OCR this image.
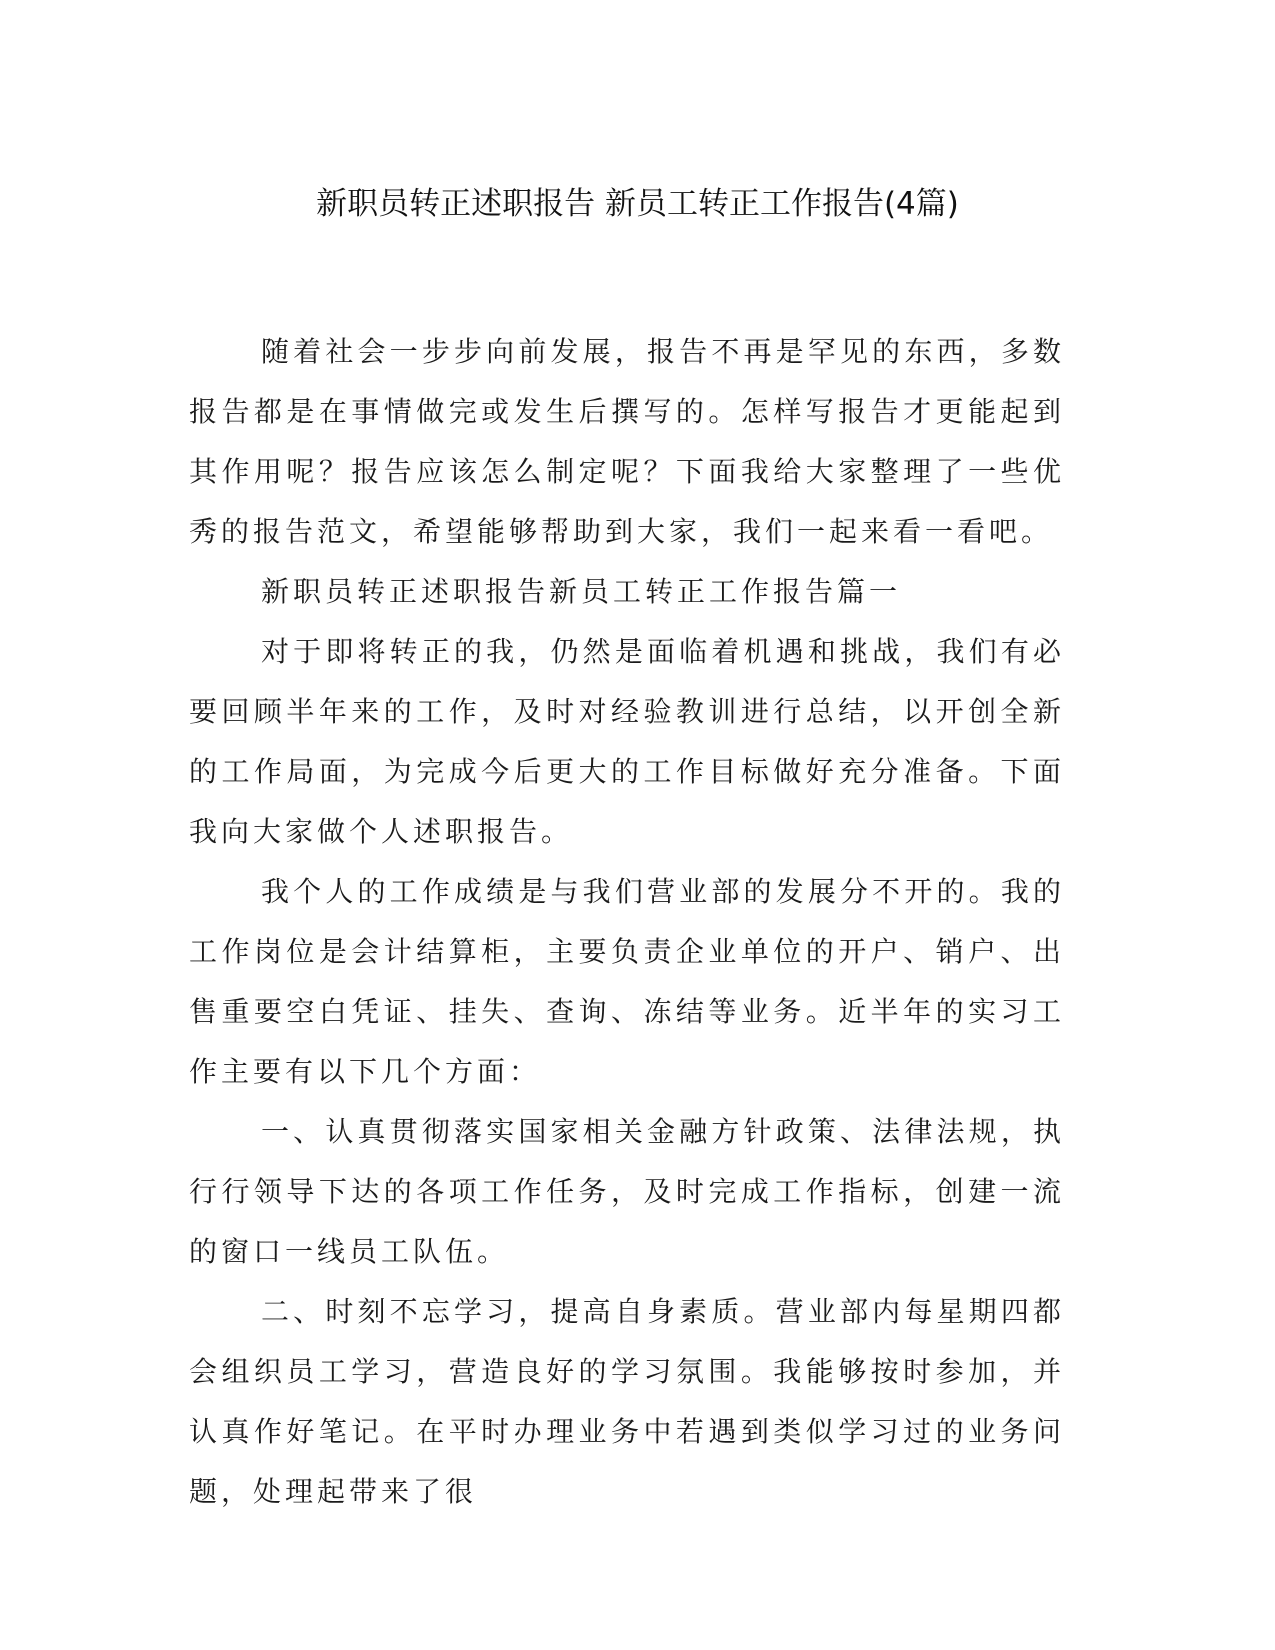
新职员转正述职报告 新员工转正工作报告(4篇)

随着社会一步步向前发展，报告不再是罕见的东西，多数报告都是在事情做完或发生后撰写的。怎样写报告才更能起到其作用呢？报告应该怎么制定呢？下面我给大家整理了一些优秀的报告范文，希望能够帮助到大家，我们一起来看一看吧。

新职员转正述职报告新员工转正工作报告篇一

对于即将转正的我，仍然是面临着机遇和挑战，我们有必要回顾半年来的工作，及时对经验教训进行总结，以开创全新的工作局面，为完成今后更大的工作目标做好充分准备。下面我向大家做个人述职报告。

我个人的工作成绩是与我们营业部的发展分不开的。我的工作岗位是会计结算柜，主要负责企业单位的开户、销户、出售重要空白凭证、挂失、查询、冻结等业务。近半年的实习工作主要有以下几个方面：

一、认真贯彻落实国家相关金融方针政策、法律法规，执行行领导下达的各项工作任务，及时完成工作指标，创建一流的窗口一线员工队伍。

二、时刻不忘学习，提高自身素质。营业部内每星期四都会组织员工学习，营造良好的学习氛围。我能够按时参加，并认真作好笔记。在平时办理业务中若遇到类似学习过的业务问题，处理起带来了很
